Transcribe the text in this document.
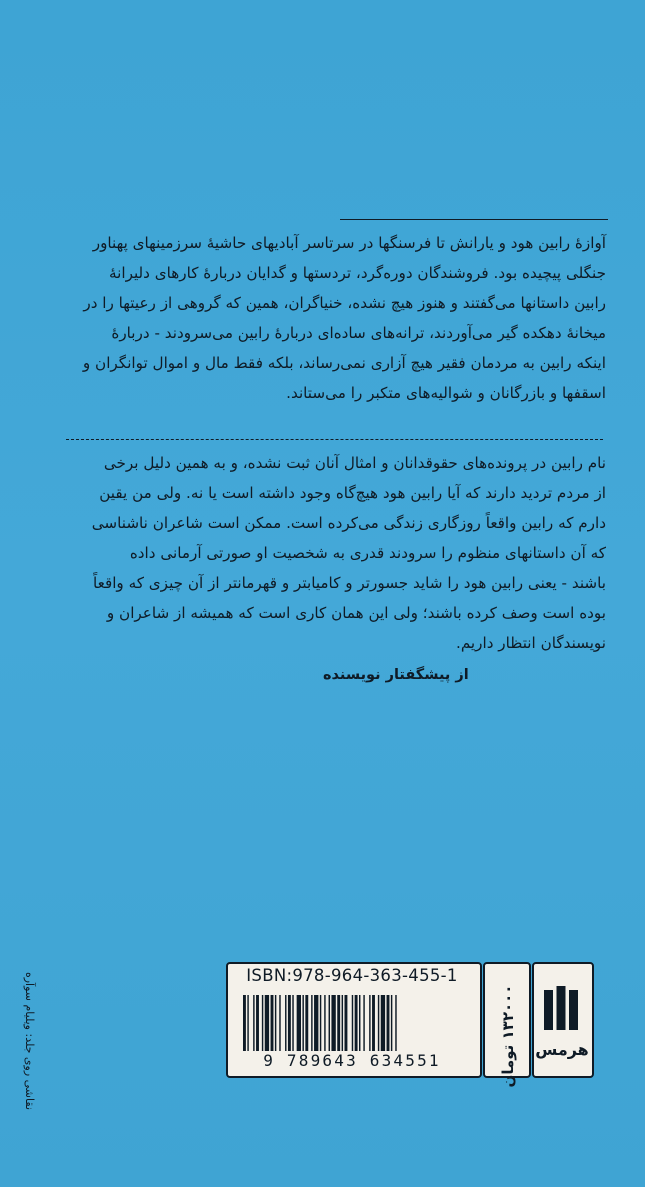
آوازهٔ رابین هود و یارانش تا فرسنگها در سرتاسر آبادیهای حاشیهٔ سرزمینهای پهناور
جنگلی پیچیده بود. فروشندگان دوره‌گرد، تردستها و گدایان دربارهٔ کارهای دلیرانهٔ
رابین داستانها می‌گفتند و هنوز هیچ نشده، خنیاگران، همین که گروهی از رعیتها را در
میخانهٔ دهکده گیر می‌آوردند، ترانه‌های ساده‌ای دربارهٔ رابین می‌سرودند - دربارهٔ
اینکه رابین به مردمان فقیر هیچ آزاری نمی‌رساند، بلکه فقط مال و اموال توانگران و
اسقفها و بازرگانان و شوالیه‌های متکبر را می‌ستاند.
نام رابین در پرونده‌های حقوقدانان و امثال آنان ثبت نشده، و به همین دلیل برخی
از مردم تردید دارند که آیا رابین هود هیچ‌گاه وجود داشته است یا نه. ولی من یقین
دارم که رابین واقعاً روزگاری زندگی می‌کرده است. ممکن است شاعران ناشناسی
که آن داستانهای منظوم را سرودند قدری به شخصیت او صورتی آرمانی داده
باشند - یعنی رابین هود را شاید جسورتر و کامیابتر و قهرمانتر از آن چیزی که واقعاً
بوده است وصف کرده باشند؛ ولی این همان کاری است که همیشه از شاعران و
نویسندگان انتظار داریم.
از پیشگفتار نویسنده
ISBN:978-964-363-455-1
9 789643 634551	۱۳۲۰۰۰ تومان
هرمس
نقاشی روی جلد: ویلیام سوآره
